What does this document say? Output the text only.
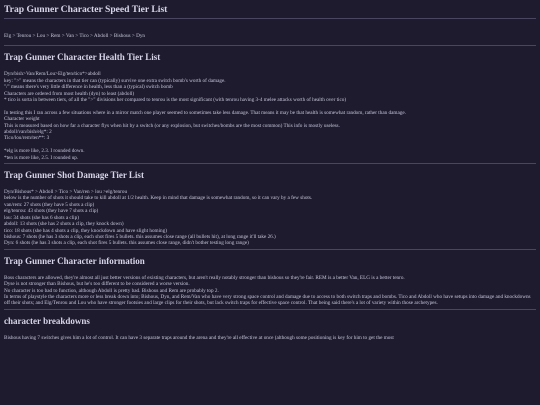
Trap Gunner Character Speed Tier List

Elg > Tenrou > Lou > Rem > Van > Tico > Abdoll > Bishous > Dyn

Trap Gunner Character Health Tier List

Dyn/bish>Van/Rem/Lou>Elg/ten/tico*>abdoll

key: ">" means the characters in that tier can (typically) survive one extra switch bomb's worth of damage.

"/" means there's very little difference in health, less than a (typical) switch bomb

Characters are ordered from most health (dyn) to least (abdoll)

* tico is sorta in between tiers, of all the ">" divisions her compared to tenrou is the most significant (with tenrou having 3-4 melee attacks worth of health over tico)

In testing this I ran across a few situations where in a mirror match one player seemed to sometimes take less damage. That means it may be that health is somewhat random, rather than damage.

Character weight

This is measured based on how far a character flys when hit by a switch (or any explosion, but switches/bombs are the most common) This info is mostly useless.

abdoll/van/bish/elg*: 2

Tico/lou/rem/ten**: 3

*elg is more like, 2.3. I rounded down.

*ten is more like, 2.5. I rounded up.

Trap Gunner Shot Damage Tier List

Dyn/Bishous* > Abdoll > Tico > Van/ren > lou >elg/tenrou

below is the number of shots it should take to kill abdoll at 1/2 health. Keep in mind that damage is somewhat random, so it can vary by a few shots.

van/rem: 27 shots (they have 5 shots a clip)

elg/tenrou: 43 shots (they have 7 shots a clip)

lou: 34 shots (she has 6 shots a clip)

abdoll: 13 shots (she has 2 shots a clip, they knock down)

tico: 18 shots (she has 4 shots a clip, they knockdown and have slight homing)

bishous: 7 shots (he has 3 shots a clip, each shot fires 5 bullets. this assumes close range (all bullets hit), at long range it'll take 26.)

Dyn: 6 shots (he has 3 shots a clip, each shot fires 5 bullets. this assumes close range, didn't bother testing long range)

Trap Gunner Character information

Boss characters are allowed, they're almost all just better versions of existing characters, but aren't really notably stronger than bishous so they're fair. REM is a better Van, ELG is a better tenro.

Dyse is not stronger than Bishous, but he's too different to be considered a worse version.

No character is too bad to function, although Abdoll is pretty bad. Bishous and Rem are probably top 2.

In terms of playstyle the characters more or less break down into; Bishous, Dyn, and Rem/Van who have very strong space control and damage due to access to both switch traps and bombs. Tico and Abdoll who have setups into damage and knockdowns off their shots; and Elg/Tenrou and Lou who have stronger footsies and large clips for their shots, but lack switch traps for effective space control. That being said there's a lot of variety within those archetypes.

character breakdowns

Bishous having 7 switches gives him a lot of control. It can have 3 separate traps around the arena and they're all effective at once (although some positioning is key for him to get the most
